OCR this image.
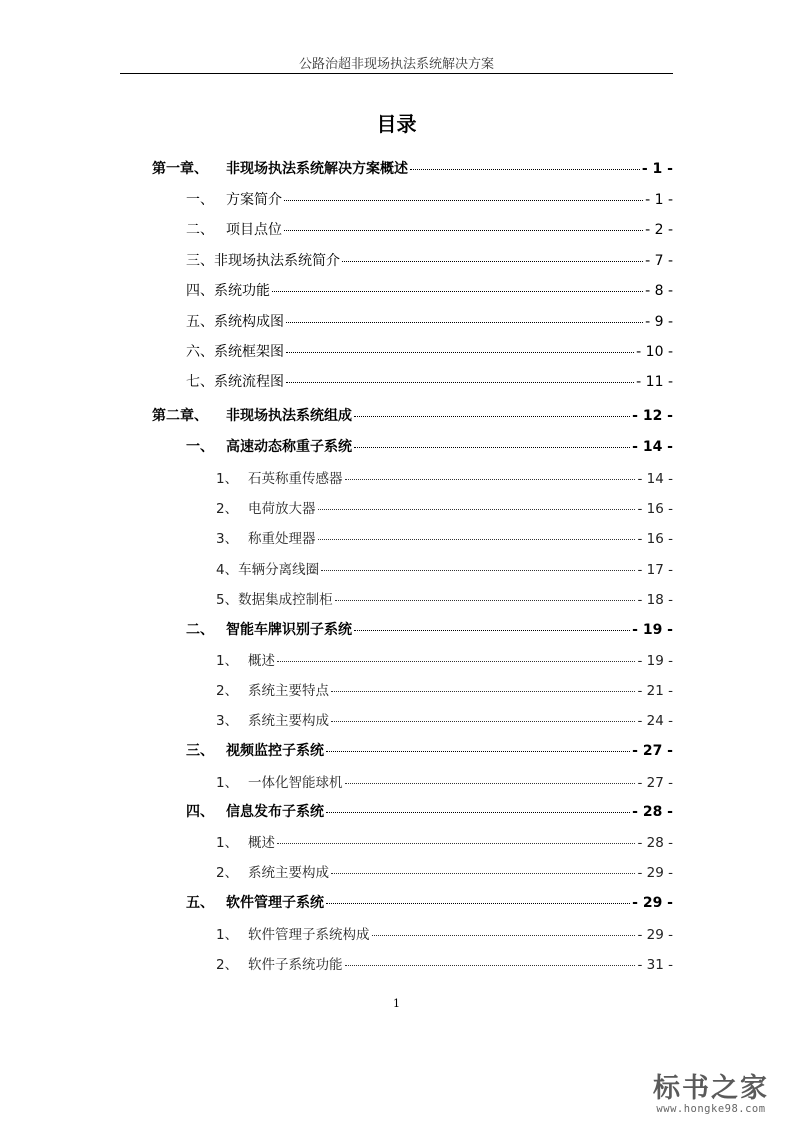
公路治超非现场执法系统解决方案
目录
第一章、	非现场执法系统解决方案概述	- 1 -
一、 方案简介	- 1 -
二、 项目点位	- 2 -
三、 非现场执法系统简介	- 7 -
四、 系统功能	- 8 -
五、 系统构成图	- 9 -
六、 系统框架图	- 10 -
七、 系统流程图	- 11 -
第二章、	非现场执法系统组成	- 12 -
一、 高速动态称重子系统	- 14 -
1、 石英称重传感器	- 14 -
2、 电荷放大器	- 16 -
3、 称重处理器	- 16 -
4、 车辆分离线圈	- 17 -
5、 数据集成控制柜	- 18 -
二、 智能车牌识别子系统	- 19 -
1、 概述	- 19 -
2、 系统主要特点	- 21 -
3、 系统主要构成	- 24 -
三、 视频监控子系统	- 27 -
1、 一体化智能球机	- 27 -
四、 信息发布子系统	- 28 -
1、 概述	- 28 -
2、 系统主要构成	- 29 -
五、 软件管理子系统	- 29 -
1、 软件管理子系统构成	- 29 -
2、 软件子系统功能	- 31 -
1
标书之家
www.hongke98.com
